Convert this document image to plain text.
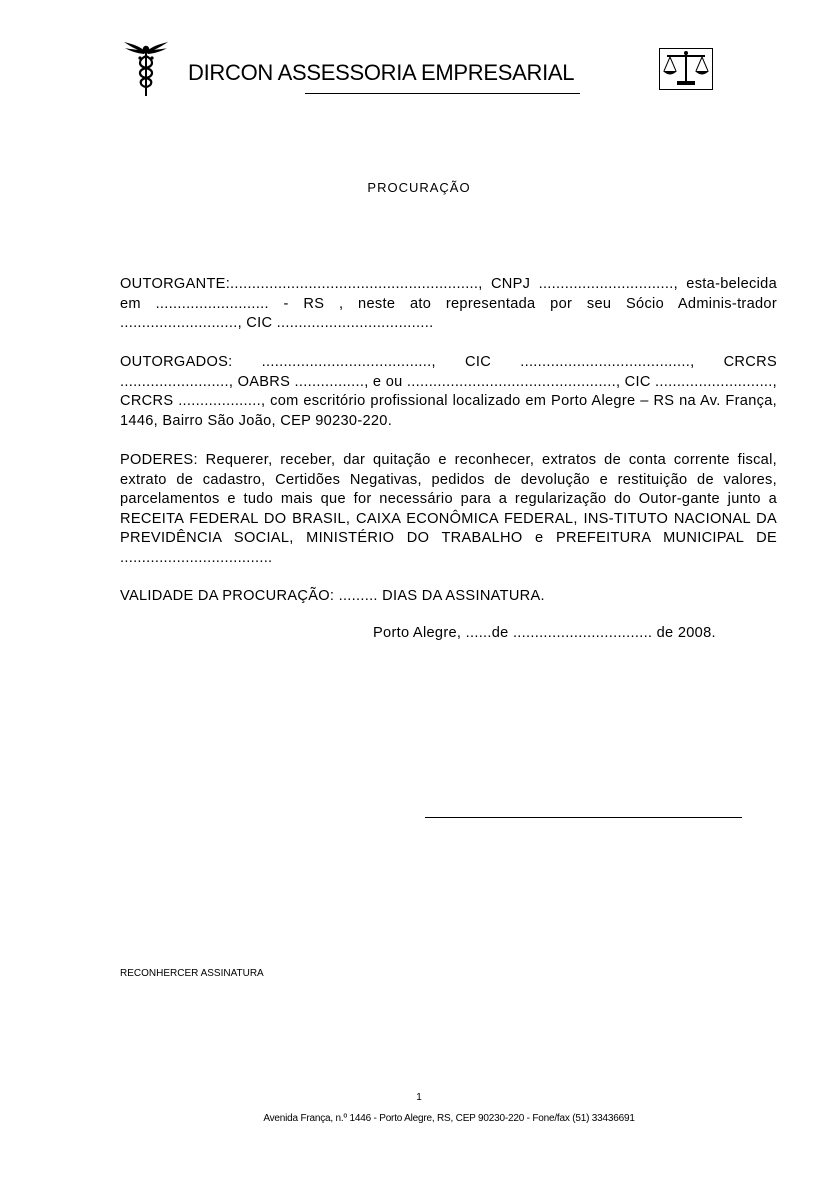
DIRCON ASSESSORIA EMPRESARIAL
PROCURAÇÃO

OUTORGANTE:........................................................., CNPJ ..............................., esta-belecida em .......................... - RS , neste ato representada por seu Sócio Adminis-trador ..........................., CIC ....................................

OUTORGADOS: ......................................., CIC ......................................., CRCRS ........................., OABRS ................, e ou ................................................, CIC ..........................., CRCRS ..................., com escritório profissional localizado em Porto Alegre – RS na Av. França, 1446, Bairro São João, CEP 90230-220.

PODERES: Requerer, receber, dar quitação e reconhecer, extratos de conta corrente fiscal, extrato de cadastro, Certidões Negativas, pedidos de devolução e restituição de valores, parcelamentos e tudo mais que for necessário para a regularização do Outor-gante junto a RECEITA FEDERAL DO BRASIL, CAIXA ECONÔMICA FEDERAL, INS-TITUTO NACIONAL DA PREVIDÊNCIA SOCIAL, MINISTÉRIO DO TRABALHO e PREFEITURA MUNICIPAL DE ...................................

VALIDADE DA PROCURAÇÃO: ......... DIAS DA ASSINATURA.

Porto Alegre, ......de ................................ de 2008.
RECONHERCER ASSINATURA
1
Avenida França, n.º 1446 - Porto Alegre, RS, CEP 90230-220 - Fone/fax (51) 33436691
